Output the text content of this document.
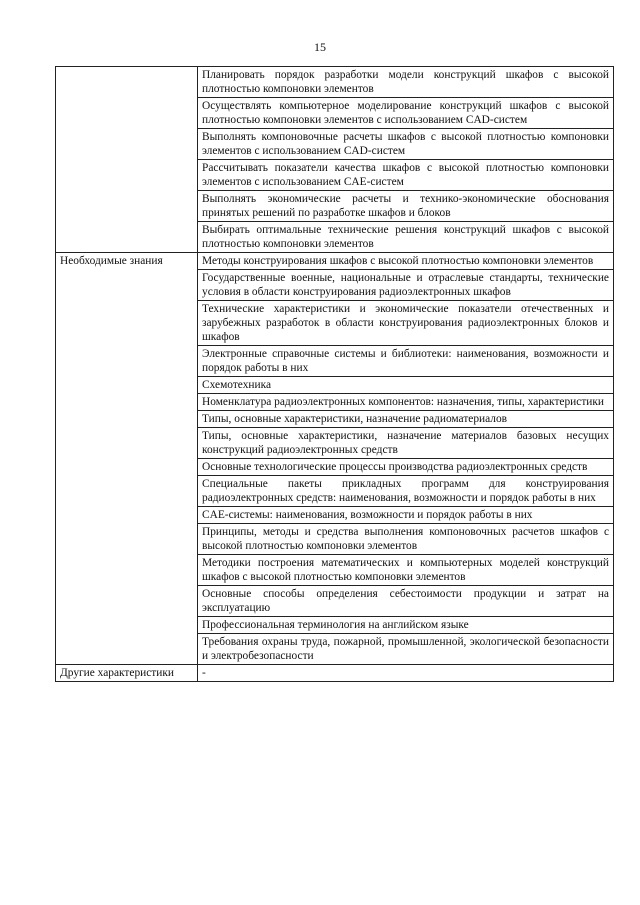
15
	Планировать порядок разработки модели конструкций шкафов с высокой плотностью компоновки элементов
	Осуществлять компьютерное моделирование конструкций шкафов с высокой плотностью компоновки элементов с использованием CAD-систем
	Выполнять компоновочные расчеты шкафов с высокой плотностью компоновки элементов с использованием CAD-систем
	Рассчитывать показатели качества шкафов с высокой плотностью компоновки элементов с использованием CAE-систем
	Выполнять экономические расчеты и технико-экономические обоснования принятых решений по разработке шкафов и блоков
	Выбирать оптимальные технические решения конструкций шкафов с высокой плотностью компоновки элементов
Необходимые знания	Методы конструирования шкафов с высокой плотностью компоновки элементов
	Государственные военные, национальные и отраслевые стандарты, технические условия в области конструирования радиоэлектронных шкафов
	Технические характеристики и экономические показатели отечественных и зарубежных разработок в области конструирования радиоэлектронных блоков и шкафов
	Электронные справочные системы и библиотеки: наименования, возможности и порядок работы в них
	Схемотехника
	Номенклатура радиоэлектронных компонентов: назначения, типы, характеристики
	Типы, основные характеристики, назначение радиоматериалов
	Типы, основные характеристики, назначение материалов базовых несущих конструкций радиоэлектронных средств
	Основные технологические процессы производства радиоэлектронных средств
	Специальные пакеты прикладных программ для конструирования радиоэлектронных средств: наименования, возможности и порядок работы в них
	CAE-системы: наименования, возможности и порядок работы в них
	Принципы, методы и средства выполнения компоновочных расчетов шкафов с высокой плотностью компоновки элементов
	Методики построения математических и компьютерных моделей конструкций шкафов с высокой плотностью компоновки элементов
	Основные способы определения себестоимости продукции и затрат на эксплуатацию
	Профессиональная терминология на английском языке
	Требования охраны труда, пожарной, промышленной, экологической безопасности и электробезопасности
Другие характеристики	-
